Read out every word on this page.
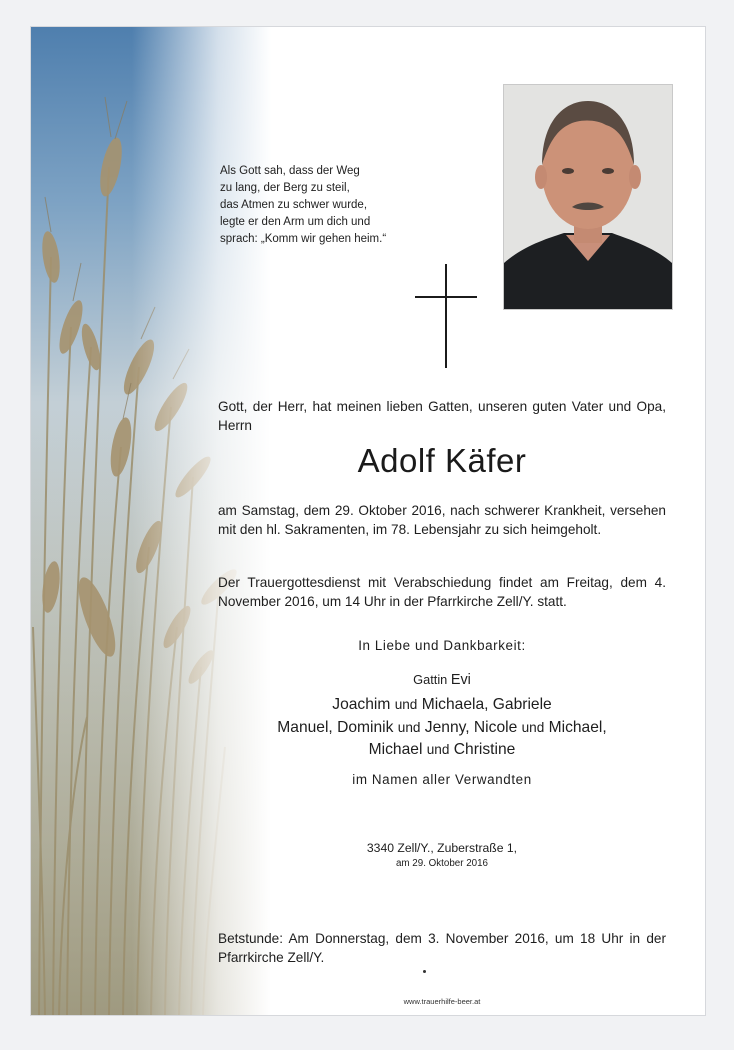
Als Gott sah, dass der Weg
zu lang, der Berg zu steil,
das Atmen zu schwer wurde,
legte er den Arm um dich und
sprach: „Komm wir gehen heim.“
Gott, der Herr, hat meinen lieben Gatten, unseren guten Vater und Opa, Herrn
Adolf Käfer
am Samstag, dem 29. Oktober 2016, nach schwerer Krankheit, versehen mit den hl. Sakramenten, im 78. Lebensjahr zu sich heimgeholt.
Der Trauergottesdienst mit Verabschiedung findet am Freitag, dem 4. November 2016, um 14 Uhr in der Pfarrkirche Zell/Y. statt.
In Liebe und Dankbarkeit:
Gattin Evi
Joachim und Michaela, Gabriele
Manuel, Dominik und Jenny, Nicole und Michael,
Michael und Christine
im Namen aller Verwandten
3340 Zell/Y., Zuberstraße 1,
am 29. Oktober 2016
Betstunde: Am Donnerstag, dem 3. November 2016, um 18 Uhr in der Pfarrkirche Zell/Y.
www.trauerhilfe-beer.at
